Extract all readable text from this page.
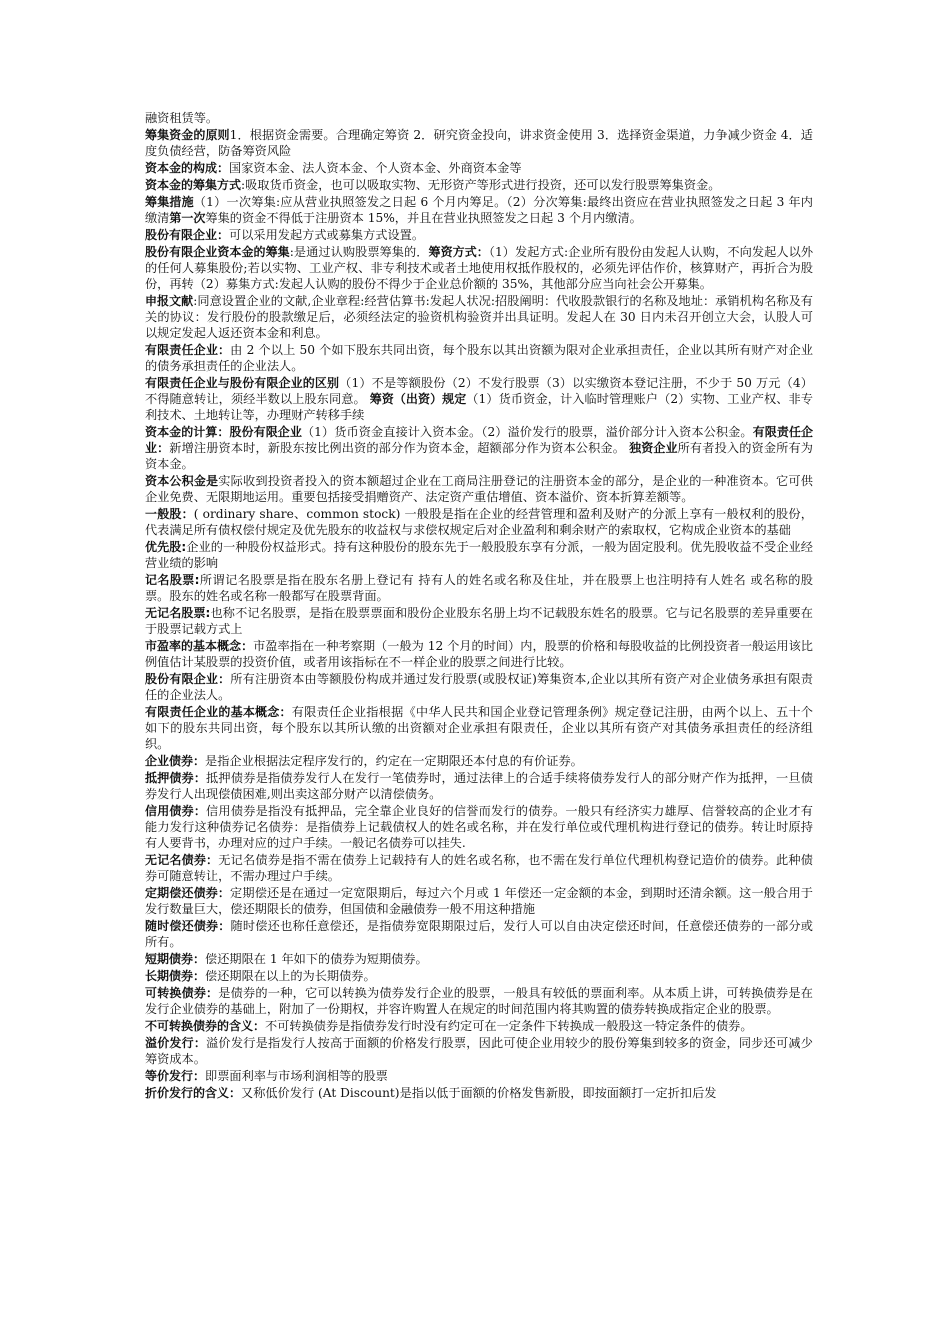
融资租赁等。

筹集资金的原则1．根据资金需要。合理确定筹资 2．研究资金投向，讲求资金使用 3．选择资金渠道，力争减少资金 4．适度负债经营，防备筹资风险

资本金的构成：国家资本金、法人资本金、个人资本金、外商资本金等

资本金的筹集方式:吸取货币资金，也可以吸取实物、无形资产等形式进行投资，还可以发行股票筹集资金。

筹集措施（1）一次筹集:应从营业执照签发之日起 6 个月内筹足。（2）分次筹集:最终出资应在营业执照签发之日起 3 年内缴清第一次筹集的资金不得低于注册资本 15%，并且在营业执照签发之日起 3 个月内缴清。

股份有限企业：可以采用发起方式或募集方式设置。

股份有限企业资本金的筹集:是通过认购股票筹集的．筹资方式：（1）发起方式:企业所有股份由发起人认购，不向发起人以外的任何人募集股份;若以实物、工业产权、非专利技术或者土地使用权抵作股权的，必须先评估作价，核算财产，再折合为股份，再转（2）募集方式:发起人认购的股份不得少于企业总价额的 35%，其他部分应当向社会公开募集。

申报文献:同意设置企业的文献,企业章程:经营估算书:发起人状况:招股阐明：代收股款银行的名称及地址：承销机构名称及有关的协议：发行股份的股款缴足后，必须经法定的验资机构验资并出具证明。发起人在 30 日内未召开创立大会，认股人可以规定发起人返还资本金和利息。

有限责任企业：由 2 个以上 50 个如下股东共同出资，每个股东以其出资额为限对企业承担责任，企业以其所有财产对企业的债务承担责任的企业法人。

有限责任企业与股份有限企业的区别（1）不是等额股份（2）不发行股票（3）以实缴资本登记注册，不少于 50 万元（4）不得随意转让，须经半数以上股东同意。 筹资（出资）规定（1）货币资金，计入临时管理账户（2）实物、工业产权、非专利技术、土地转让等，办理财产转移手续

资本金的计算：股份有限企业（1）货币资金直接计入资本金。（2）溢价发行的股票，溢价部分计入资本公积金。有限责任企业：新增注册资本时，新股东按比例出资的部分作为资本金，超额部分作为资本公积金。 独资企业所有者投入的资金所有为资本金。

资本公积金是实际收到投资者投入的资本额超过企业在工商局注册登记的注册资本金的部分，是企业的一种准资本。它可供企业免费、无限期地运用。重要包括接受捐赠资产、法定资产重估增值、资本溢价、资本折算差额等。

一般股：( ordinary share、common stock) 一般股是指在企业的经营管理和盈利及财产的分派上享有一般权利的股份，代表满足所有债权偿付规定及优先股东的收益权与求偿权规定后对企业盈利和剩余财产的索取权，它构成企业资本的基础

优先股:企业的一种股份权益形式。持有这种股份的股东先于一般股股东享有分派，一般为固定股利。优先股收益不受企业经营业绩的影响

记名股票:所谓记名股票是指在股东名册上登记有 持有人的姓名或名称及住址，并在股票上也注明持有人姓名 或名称的股票。股东的姓名或名称一般都写在股票背面。

无记名股票:也称不记名股票，是指在股票票面和股份企业股东名册上均不记载股东姓名的股票。它与记名股票的差异重要在于股票记载方式上

市盈率的基本概念：市盈率指在一种考察期（一般为 12 个月的时间）内，股票的价格和每股收益的比例投资者一般运用该比例值估计某股票的投资价值，或者用该指标在不一样企业的股票之间进行比较。

股份有限企业：所有注册资本由等额股份构成并通过发行股票(或股权证)筹集资本,企业以其所有资产对企业债务承担有限责任的企业法人。

有限责任企业的基本概念：有限责任企业指根据《中华人民共和国企业登记管理条例》规定登记注册，由两个以上、五十个如下的股东共同出资，每个股东以其所认缴的出资额对企业承担有限责任，企业以其所有资产对其债务承担责任的经济组织。

企业债券：是指企业根据法定程序发行的，约定在一定期限还本付息的有价证券。

抵押债券：抵押债券是指债券发行人在发行一笔债券时，通过法律上的合适手续将债券发行人的部分财产作为抵押，一旦债券发行人出现偿债困难,则出卖这部分财产以清偿债务。

信用债券：信用债券是指没有抵押品，完全靠企业良好的信誉而发行的债券。一般只有经济实力雄厚、信誉较高的企业才有能力发行这种债券记名债券：是指债券上记载债权人的姓名或名称，并在发行单位或代理机构进行登记的债券。转让时原持有人要背书，办理对应的过户手续。一般记名债券可以挂失.

无记名债券：无记名债券是指不需在债券上记载持有人的姓名或名称，也不需在发行单位代理机构登记造价的债券。此种债券可随意转让，不需办理过户手续。

定期偿还债券：定期偿还是在通过一定宽限期后，每过六个月或 1 年偿还一定金额的本金，到期时还清余额。这一般合用于发行数量巨大，偿还期限长的债券，但国债和金融债券一般不用这种措施

随时偿还债券：随时偿还也称任意偿还，是指债券宽限期限过后，发行人可以自由决定偿还时间，任意偿还债券的一部分或所有。

短期债券：偿还期限在 1 年如下的债券为短期债券。

长期债券：偿还期限在以上的为长期债券。

可转换债券：是债券的一种，它可以转换为债券发行企业的股票，一般具有较低的票面利率。从本质上讲，可转换债券是在发行企业债券的基础上，附加了一份期权，并容许购置人在规定的时间范围内将其购置的债券转换成指定企业的股票。

不可转换债券的含义：不可转换债券是指债券发行时没有约定可在一定条件下转换成一般股这一特定条件的债券。

溢价发行：溢价发行是指发行人按高于面额的价格发行股票，因此可使企业用较少的股份筹集到较多的资金，同步还可减少筹资成本。

等价发行：即票面利率与市场利润相等的股票

折价发行的含义：又称低价发行 (At Discount)是指以低于面额的价格发售新股，即按面额打一定折扣后发
